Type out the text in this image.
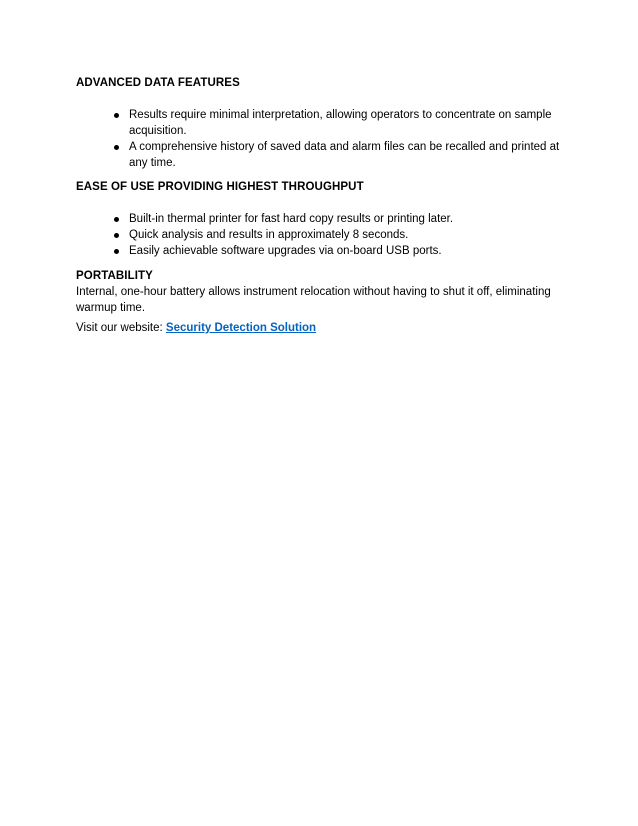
ADVANCED DATA FEATURES
Results require minimal interpretation, allowing operators to concentrate on sample acquisition.
A comprehensive history of saved data and alarm files can be recalled and printed at any time.
EASE OF USE PROVIDING HIGHEST THROUGHPUT
Built-in thermal printer for fast hard copy results or printing later.
Quick analysis and results in approximately 8 seconds.
Easily achievable software upgrades via on-board USB ports.
PORTABILITY

Internal, one-hour battery allows instrument relocation without having to shut it off, eliminating warmup time.

Visit our website: Security Detection Solution
